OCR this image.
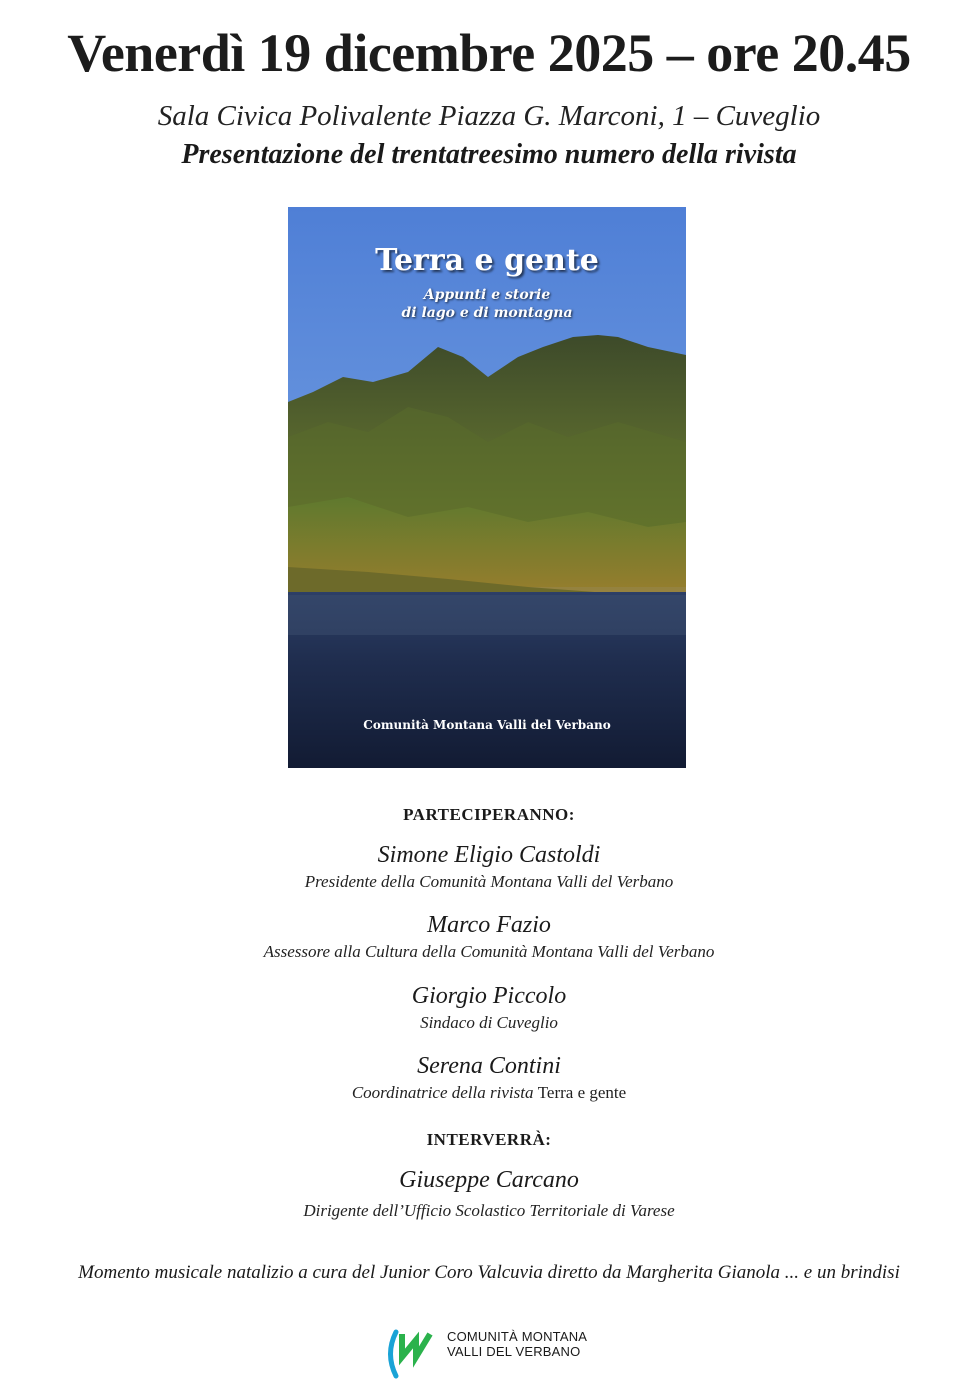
Venerdì 19 dicembre 2025 – ore 20.45
Sala Civica Polivalente Piazza G. Marconi, 1 – Cuveglio
Presentazione del trentatreesimo numero della rivista
Terra e gente
Appunti e storie
di lago e di montagna
Comunità Montana Valli del Verbano
PARTECIPERANNO:
Simone Eligio Castoldi
Presidente della Comunità Montana Valli del Verbano
Marco Fazio
Assessore alla Cultura della Comunità Montana Valli del Verbano
Giorgio Piccolo
Sindaco di Cuveglio
Serena Contini
Coordinatrice della rivista Terra e gente
INTERVERRÀ:
Giuseppe Carcano
Dirigente dell’Ufficio Scolastico Territoriale di Varese
Momento musicale natalizio a cura del Junior Coro Valcuvia diretto da Margherita Gianola ... e un brindisi
COMUNITÀ MONTANA
VALLI DEL VERBANO
